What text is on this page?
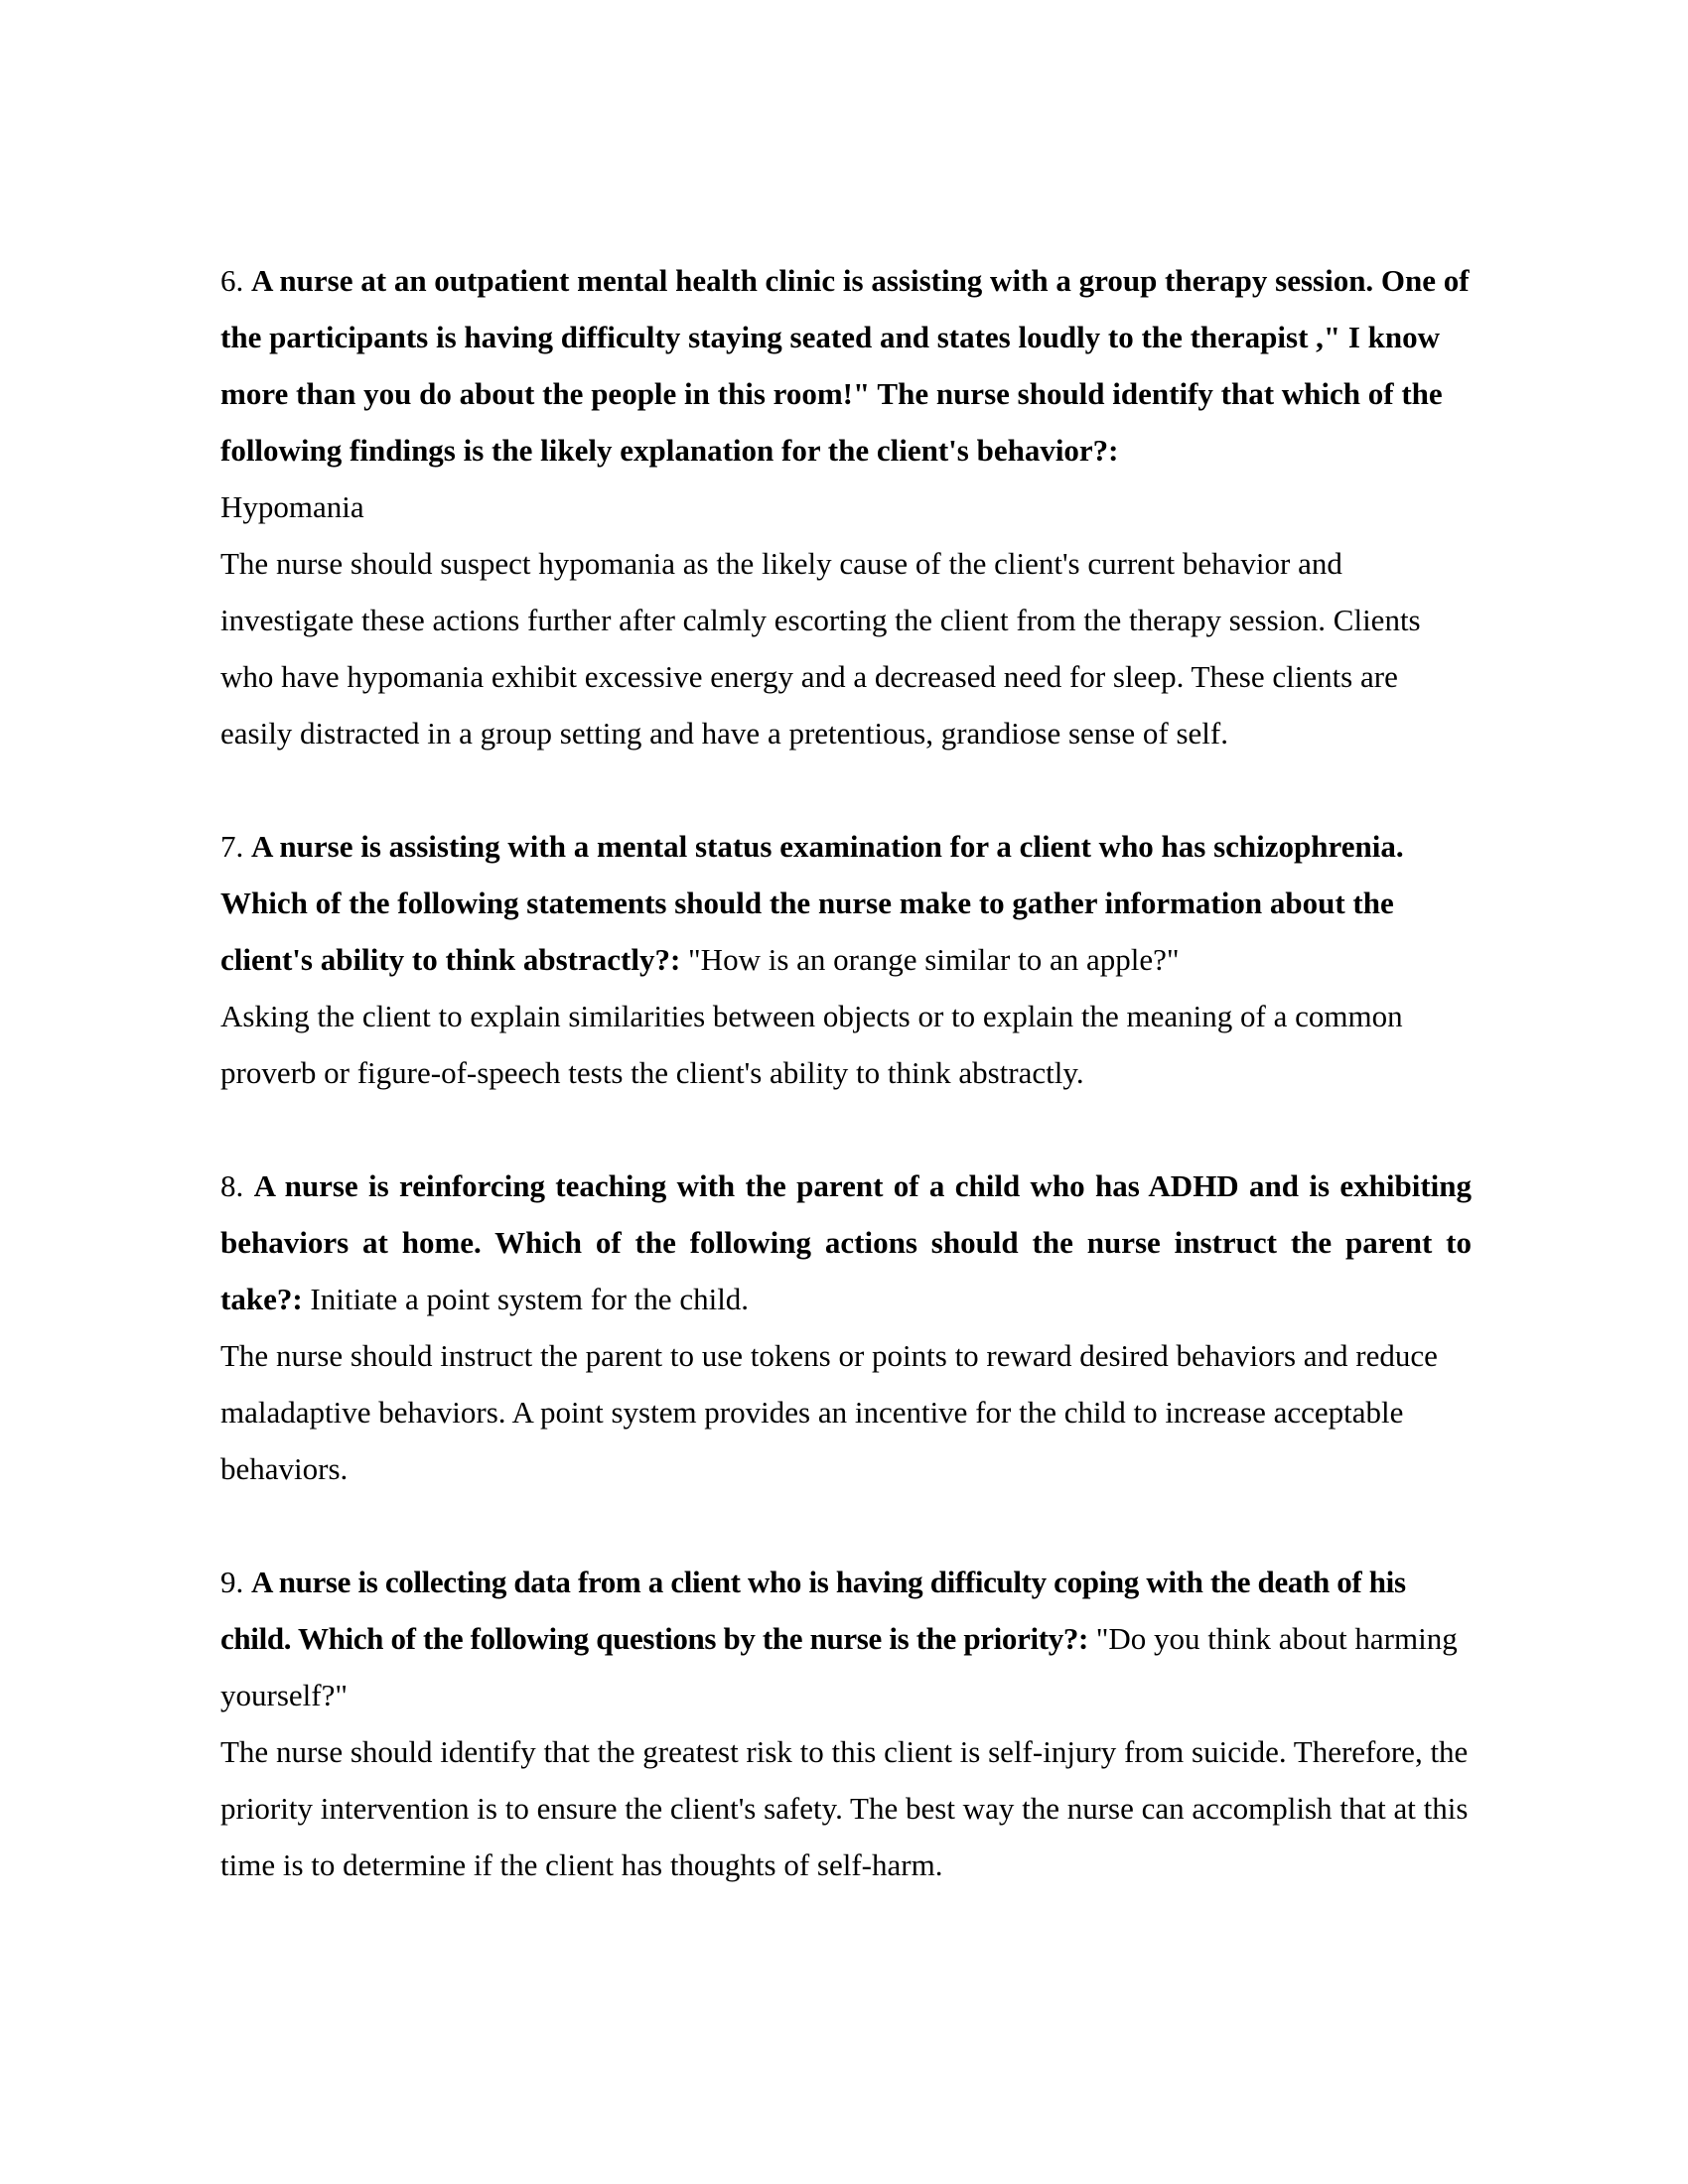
6. A nurse at an outpatient mental health clinic is assisting with a group therapy session. One of the participants is having difficulty staying seated and states loudly to the therapist ," I know more than you do about the people in this room!" The nurse should identify that which of the following findings is the likely explanation for the client's behavior?:

Hypomania

The nurse should suspect hypomania as the likely cause of the client's current behavior and investigate these actions further after calmly escorting the client from the therapy session. Clients who have hypomania exhibit excessive energy and a decreased need for sleep. These clients are easily distracted in a group setting and have a pretentious, grandiose sense of self.

7. A nurse is assisting with a mental status examination for a client who has schizophrenia. Which of the following statements should the nurse make to gather information about the client's ability to think abstractly?: "How is an orange similar to an apple?"

Asking the client to explain similarities between objects or to explain the meaning of a common proverb or figure-of-speech tests the client's ability to think abstractly.

8. A nurse is reinforcing teaching with the parent of a child who has ADHD and is exhibiting behaviors at home. Which of the following actions should the nurse instruct the parent to take?: Initiate a point system for the child.

The nurse should instruct the parent to use tokens or points to reward desired behaviors and reduce maladaptive behaviors. A point system provides an incentive for the child to increase acceptable behaviors.

9. A nurse is collecting data from a client who is having difficulty coping with the death of his child. Which of the following questions by the nurse is the priority?: "Do you think about harming yourself?"

The nurse should identify that the greatest risk to this client is self-injury from suicide. Therefore, the priority intervention is to ensure the client's safety. The best way the nurse can accomplish that at this time is to determine if the client has thoughts of self-harm.
